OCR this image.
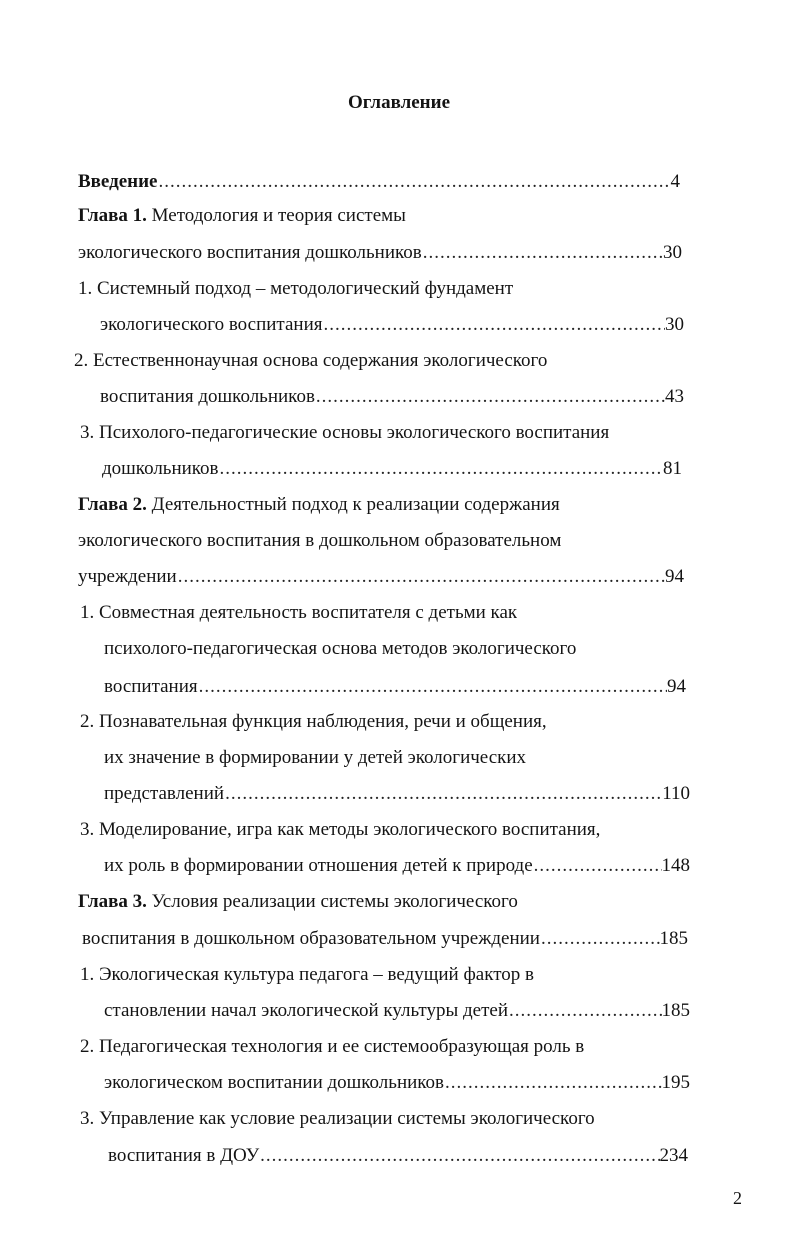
Оглавление
Введение .....	4
Глава 1. Методология и теория системы
экологического воспитания дошкольников .....	30
1. Системный подход – методологический фундамент
экологического воспитания .....	30
2. Естественнонаучная основа содержания экологического
воспитания дошкольников .....	43
3. Психолого-педагогические основы экологического воспитания
дошкольников .....	81
Глава 2. Деятельностный подход к реализации содержания
экологического воспитания в дошкольном образовательном
учреждении .....	94
1. Совместная деятельность воспитателя с детьми как
психолого-педагогическая основа методов экологического
воспитания .....	94
2. Познавательная функция наблюдения, речи и общения,
их значение в формировании у детей экологических
представлений .....	110
3. Моделирование, игра как методы экологического воспитания,
их роль в формировании отношения детей к природе .....	148
Глава 3. Условия реализации системы экологического
воспитания в дошкольном образовательном учреждении .....	185
1. Экологическая культура педагога – ведущий фактор в
становлении начал экологической культуры детей .....	185
2. Педагогическая технология и ее системообразующая роль в
экологическом воспитании дошкольников .....	195
3. Управление как условие реализации системы экологического
воспитания в ДОУ .....	234
2
